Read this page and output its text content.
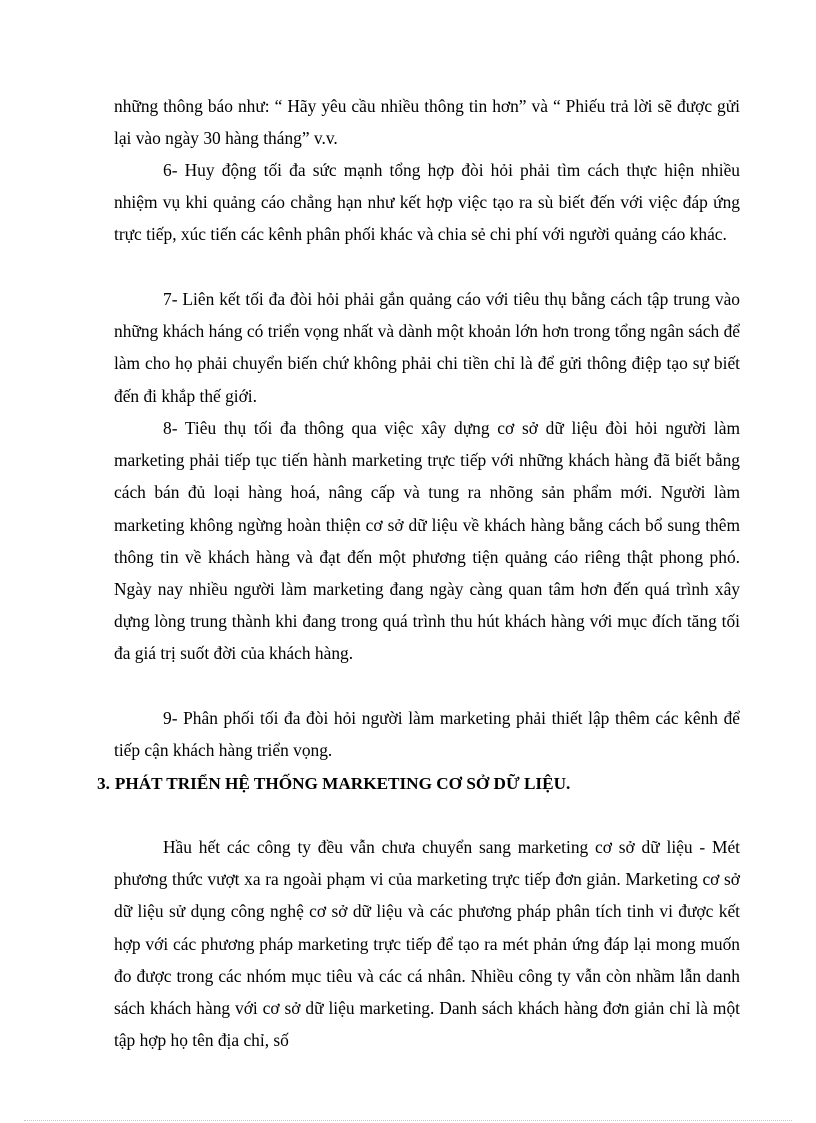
những thông báo như: “ Hãy yêu cầu nhiều thông tin hơn” và “ Phiếu trả lời sẽ được gửi lại vào ngày 30 hàng tháng” v.v.

6- Huy động tối đa sức mạnh tổng hợp đòi hỏi phải tìm cách thực hiện nhiều nhiệm vụ khi quảng cáo chẳng hạn như kết hợp việc tạo ra sù biết đến với việc đáp ứng trực tiếp, xúc tiến các kênh phân phối khác và chia sẻ chi phí với người quảng cáo khác.

7- Liên kết tối đa đòi hỏi phải gắn quảng cáo với tiêu thụ bằng cách tập trung vào những khách háng có triển vọng nhất và dành một khoản lớn hơn trong tổng ngân sách để làm cho họ phải chuyển biến chứ không phải chi tiền chỉ là để gửi thông điệp tạo sự biết đến đi khắp thế giới.

8- Tiêu thụ tối đa thông qua việc xây dựng cơ sở dữ liệu đòi hỏi người làm marketing phải tiếp tục tiến hành marketing trực tiếp với những khách hàng đã biết bằng cách bán đủ loại hàng hoá, nâng cấp và tung ra nhõng sản phẩm mới. Người làm marketing không ngừng hoàn thiện cơ sở dữ liệu về khách hàng bằng cách bổ sung thêm thông tin về khách hàng và đạt đến một phương tiện quảng cáo riêng thật phong phó. Ngày nay nhiều người làm marketing đang ngày càng quan tâm hơn đến quá trình xây dựng lòng trung thành khi đang trong quá trình thu hút khách hàng với mục đích tăng tối đa giá trị suốt đời của khách hàng.

9- Phân phối tối đa đòi hỏi người làm marketing phải thiết lập thêm các kênh để tiếp cận khách hàng triển vọng.

3. PHÁT TRIỂN HỆ THỐNG MARKETING CƠ SỞ DỮ LIỆU.

Hầu hết các công ty đều vẫn chưa chuyển sang marketing cơ sở dữ liệu - Mét phương thức vượt xa ra ngoài phạm vi của marketing trực tiếp đơn giản. Marketing cơ sở dữ liệu sử dụng công nghệ cơ sở dữ liệu và các phương pháp phân tích tinh vi được kết hợp với các phương pháp marketing trực tiếp để tạo ra mét phản ứng đáp lại mong muốn đo được trong các nhóm mục tiêu và các cá nhân. Nhiều công ty vẫn còn nhầm lẫn danh sách khách hàng với cơ sở dữ liệu marketing. Danh sách khách hàng đơn giản chỉ là một tập hợp họ tên địa chỉ, số
